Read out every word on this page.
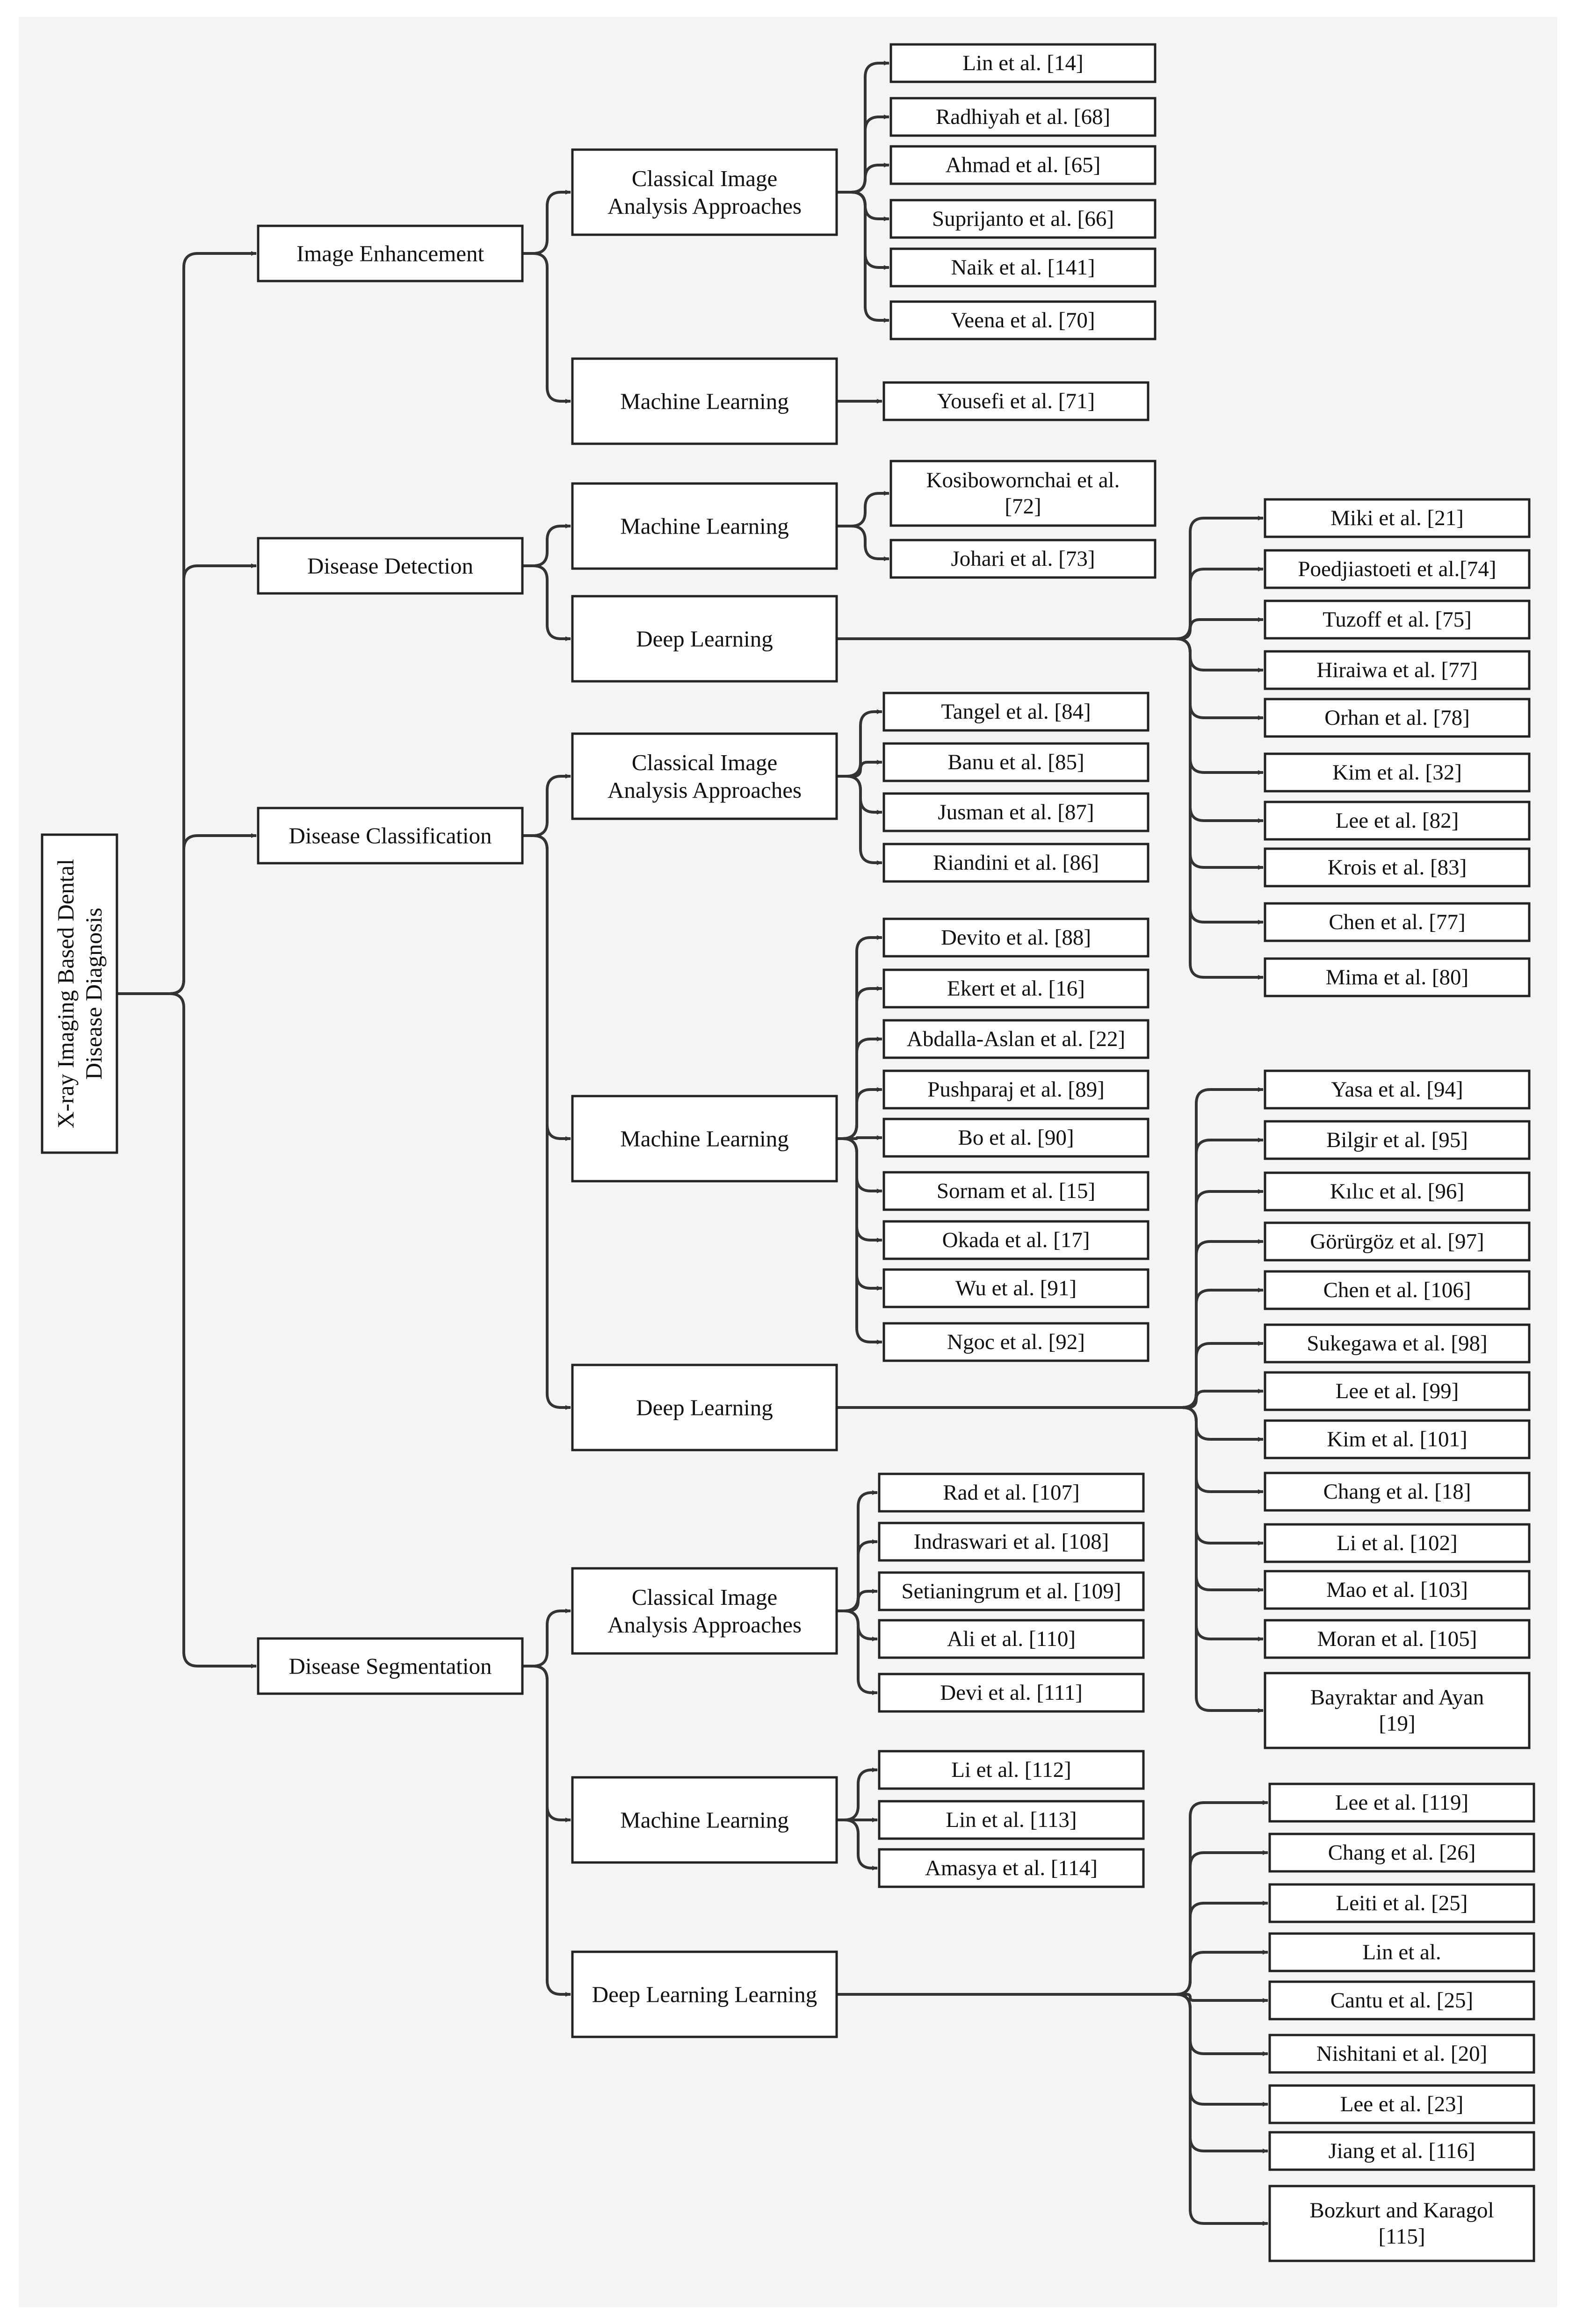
X-ray Imaging Based Dental Disease Diagnosis
Image Enhancement
Disease Detection
Disease Classification
Disease Segmentation
Classical Image
Analysis Approaches
Machine Learning
Machine Learning
Deep Learning
Classical Image
Analysis Approaches
Machine Learning
Deep Learning
Classical Image
Analysis Approaches
Machine Learning
Deep Learning Learning
Lin et al. [14]
Radhiyah et al. [68]
Ahmad et al. [65]
Suprijanto et al. [66]
Naik et al. [141]
Veena et al. [70]
Yousefi et al. [71]
Kosibowornchai et al.
[72]
Johari et al. [73]
Miki et al. [21]
Poedjiastoeti et al.[74]
Tuzoff et al. [75]
Hiraiwa et al. [77]
Orhan et al. [78]
Kim et al. [32]
Lee et al. [82]
Krois et al. [83]
Chen et al. [77]
Mima et al. [80]
Tangel et al. [84]
Banu et al. [85]
Jusman et al. [87]
Riandini et al. [86]
Devito et al. [88]
Ekert et al. [16]
Abdalla-Aslan et al. [22]
Pushparaj et al. [89]
Bo et al. [90]
Sornam et al. [15]
Okada et al. [17]
Wu et al. [91]
Ngoc et al. [92]
Yasa et al. [94]
Bilgir et al. [95]
Kılıc et al. [96]
Görürgöz et al. [97]
Chen et al. [106]
Sukegawa et al. [98]
Lee et al. [99]
Kim et al. [101]
Chang et al. [18]
Li et al. [102]
Mao et al. [103]
Moran et al. [105]
Bayraktar and Ayan
[19]
Rad et al. [107]
Indraswari et al. [108]
Setianingrum et al. [109]
Ali et al. [110]
Devi et al. [111]
Li et al. [112]
Lin et al. [113]
Amasya et al. [114]
Lee et al. [119]
Chang et al. [26]
Leiti et al. [25]
Lin et al.
Cantu et al. [25]
Nishitani et al. [20]
Lee et al. [23]
Jiang et al. [116]
Bozkurt and Karagol
[115]
